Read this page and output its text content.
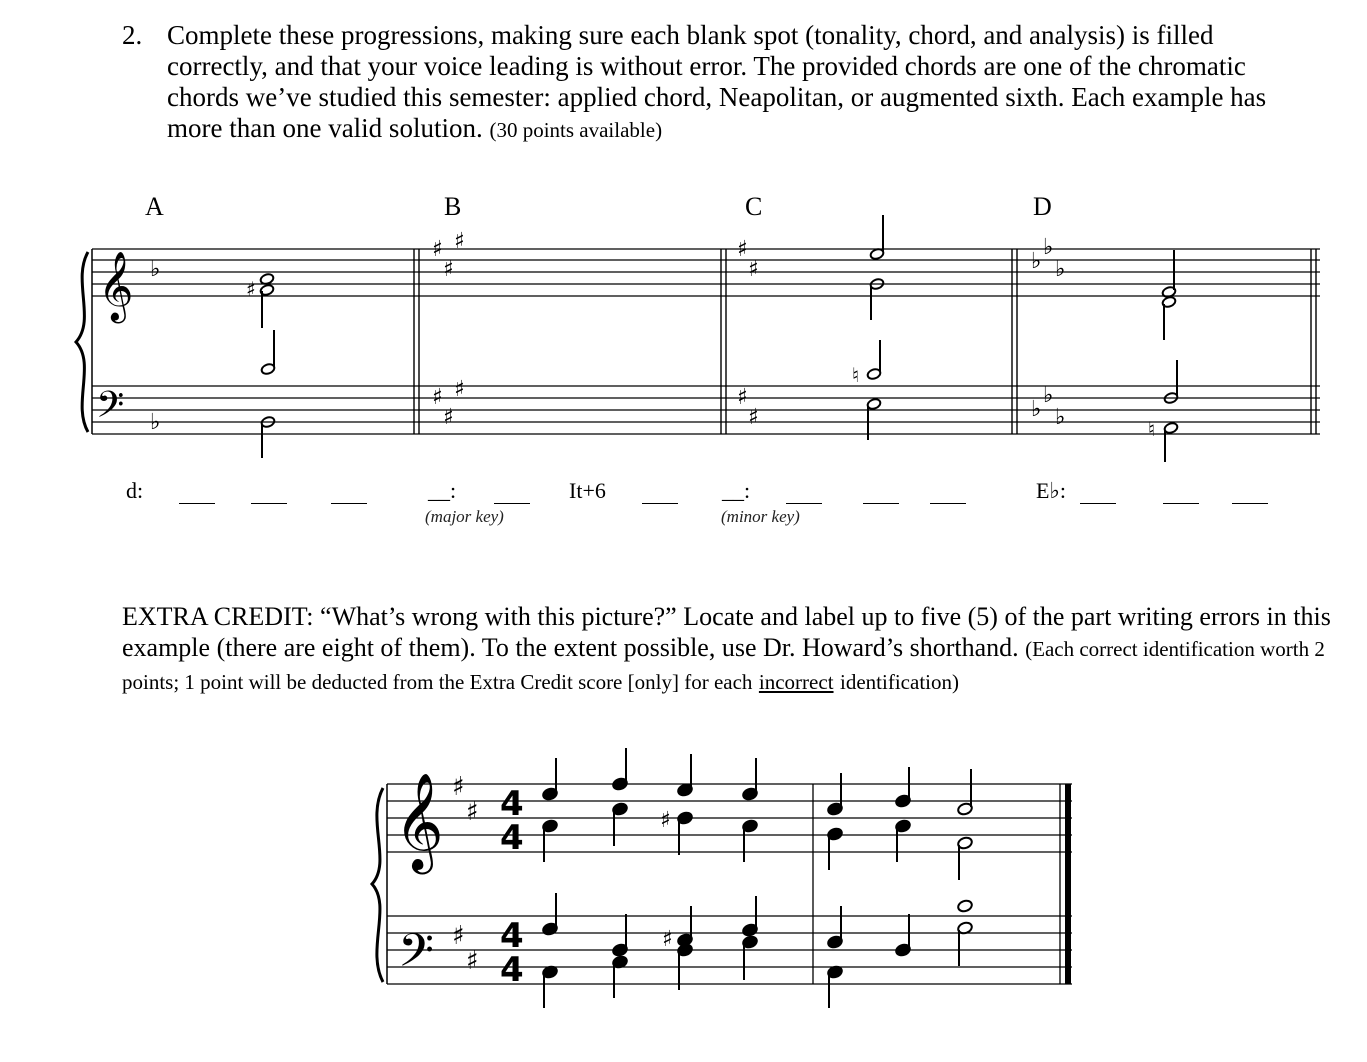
2. Complete these progressions, making sure each blank spot (tonality, chord, and analysis) is filled correctly, and that your voice leading is without error. The provided chords are one of the chromatic chords we’ve studied this semester: applied chord, Neapolitan, or augmented sixth. Each example has more than one valid solution. (30 points available)
A	B	C	D
𝄞
𝄢
♭
♭
♯
♯
♯
♯
♯
♯
♯
♯
♯
♯
♭
♭
♭
♭
♭
♭
♯
♮
♮
d:	__:
(major key)
It+6	__:
(minor key)
E♭:
EXTRA CREDIT: “What’s wrong with this picture?” Locate and label up to five (5) of the part writing errors in this example (there are eight of them). To the extent possible, use Dr. Howard’s shorthand. (Each correct identification worth 2 points; 1 point will be deducted from the Extra Credit score [only] for each incorrect identification)
𝄞
𝄢
♯
♯
♯
♯
4
4
4
4
♯
♯
